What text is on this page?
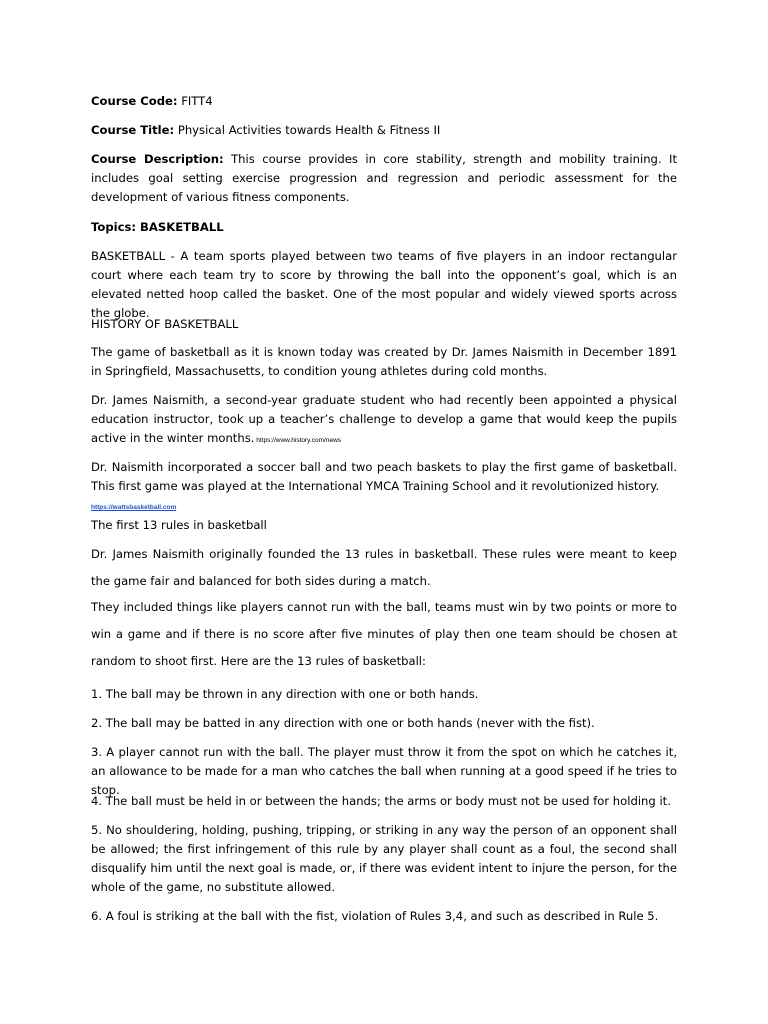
Course Code: FITT4
Course Title: Physical Activities towards Health & Fitness II
Course Description: This course provides in core stability, strength and mobility training. It includes goal setting exercise progression and regression and periodic assessment for the development of various fitness components.
Topics: BASKETBALL
BASKETBALL - A team sports played between two teams of five players in an indoor rectangular court where each team try to score by throwing the ball into the opponent’s goal, which is an elevated netted hoop called the basket. One of the most popular and widely viewed sports across the globe.
HISTORY OF BASKETBALL
The game of basketball as it is known today was created by Dr. James Naismith in December 1891 in Springfield, Massachusetts, to condition young athletes during cold months.
Dr. James Naismith, a second-year graduate student who had recently been appointed a physical education instructor, took up a teacher’s challenge to develop a game that would keep the pupils active in the winter months. https://www.history.com/news
Dr. Naismith incorporated a soccer ball and two peach baskets to play the first game of basketball. This first game was played at the International YMCA Training School and it revolutionized history.
https://wattsbasketball.com
The first 13 rules in basketball
Dr. James Naismith originally founded the 13 rules in basketball. These rules were meant to keep the game fair and balanced for both sides during a match.
They included things like players cannot run with the ball, teams must win by two points or more to win a game and if there is no score after five minutes of play then one team should be chosen at random to shoot first. Here are the 13 rules of basketball:
1. The ball may be thrown in any direction with one or both hands.
2. The ball may be batted in any direction with one or both hands (never with the fist).
3. A player cannot run with the ball. The player must throw it from the spot on which he catches it, an allowance to be made for a man who catches the ball when running at a good speed if he tries to stop.
4. The ball must be held in or between the hands; the arms or body must not be used for holding it.
5. No shouldering, holding, pushing, tripping, or striking in any way the person of an opponent shall be allowed; the first infringement of this rule by any player shall count as a foul, the second shall disqualify him until the next goal is made, or, if there was evident intent to injure the person, for the whole of the game, no substitute allowed.
6. A foul is striking at the ball with the fist, violation of Rules 3,4, and such as described in Rule 5.
